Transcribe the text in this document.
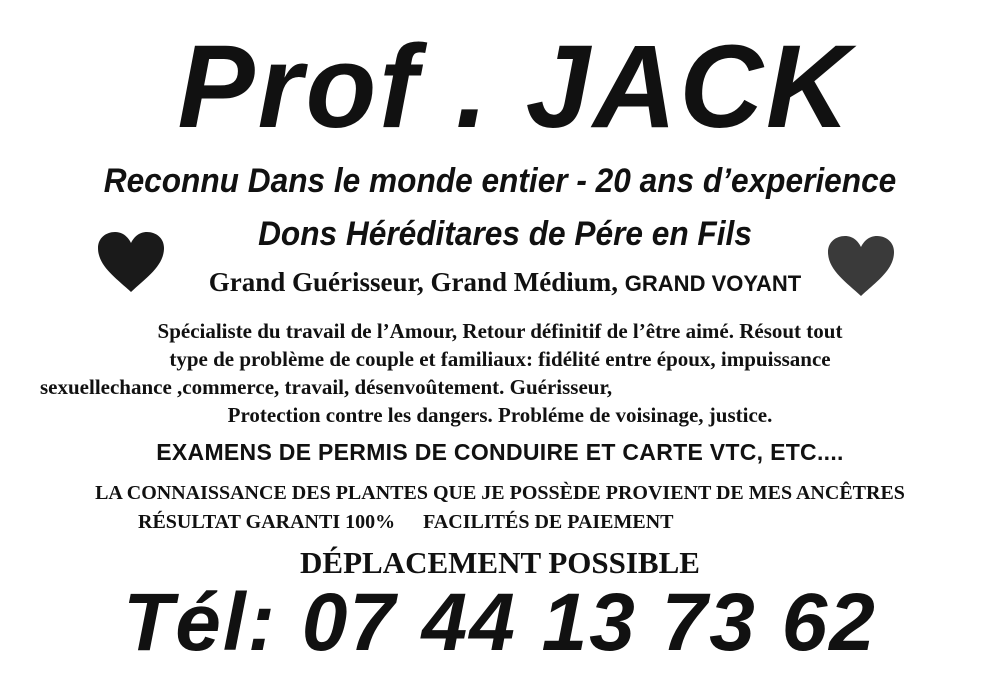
Prof . JACK

Reconnu Dans le monde entier - 20 ans d’experience

Dons Héréditares de Pére en Fils

Grand Guérisseur, Grand Médium, GRAND VOYANT

Spécialiste du travail de l’Amour, Retour définitif de l’être aimé. Résout tout

type de problème de couple et familiaux: fidélité entre époux, impuissance

sexuellechance ,commerce, travail, désenvoûtement. Guérisseur,

Protection contre les dangers. Probléme de voisinage, justice.

EXAMENS DE PERMIS DE CONDUIRE ET CARTE VTC, ETC....

LA CONNAISSANCE DES PLANTES QUE JE POSSÈDE PROVIENT DE MES ANCÊTRES

RÉSULTAT GARANTI 100% FACILITÉS DE PAIEMENT

DÉPLACEMENT POSSIBLE

Tél: 07 44 13 73 62
